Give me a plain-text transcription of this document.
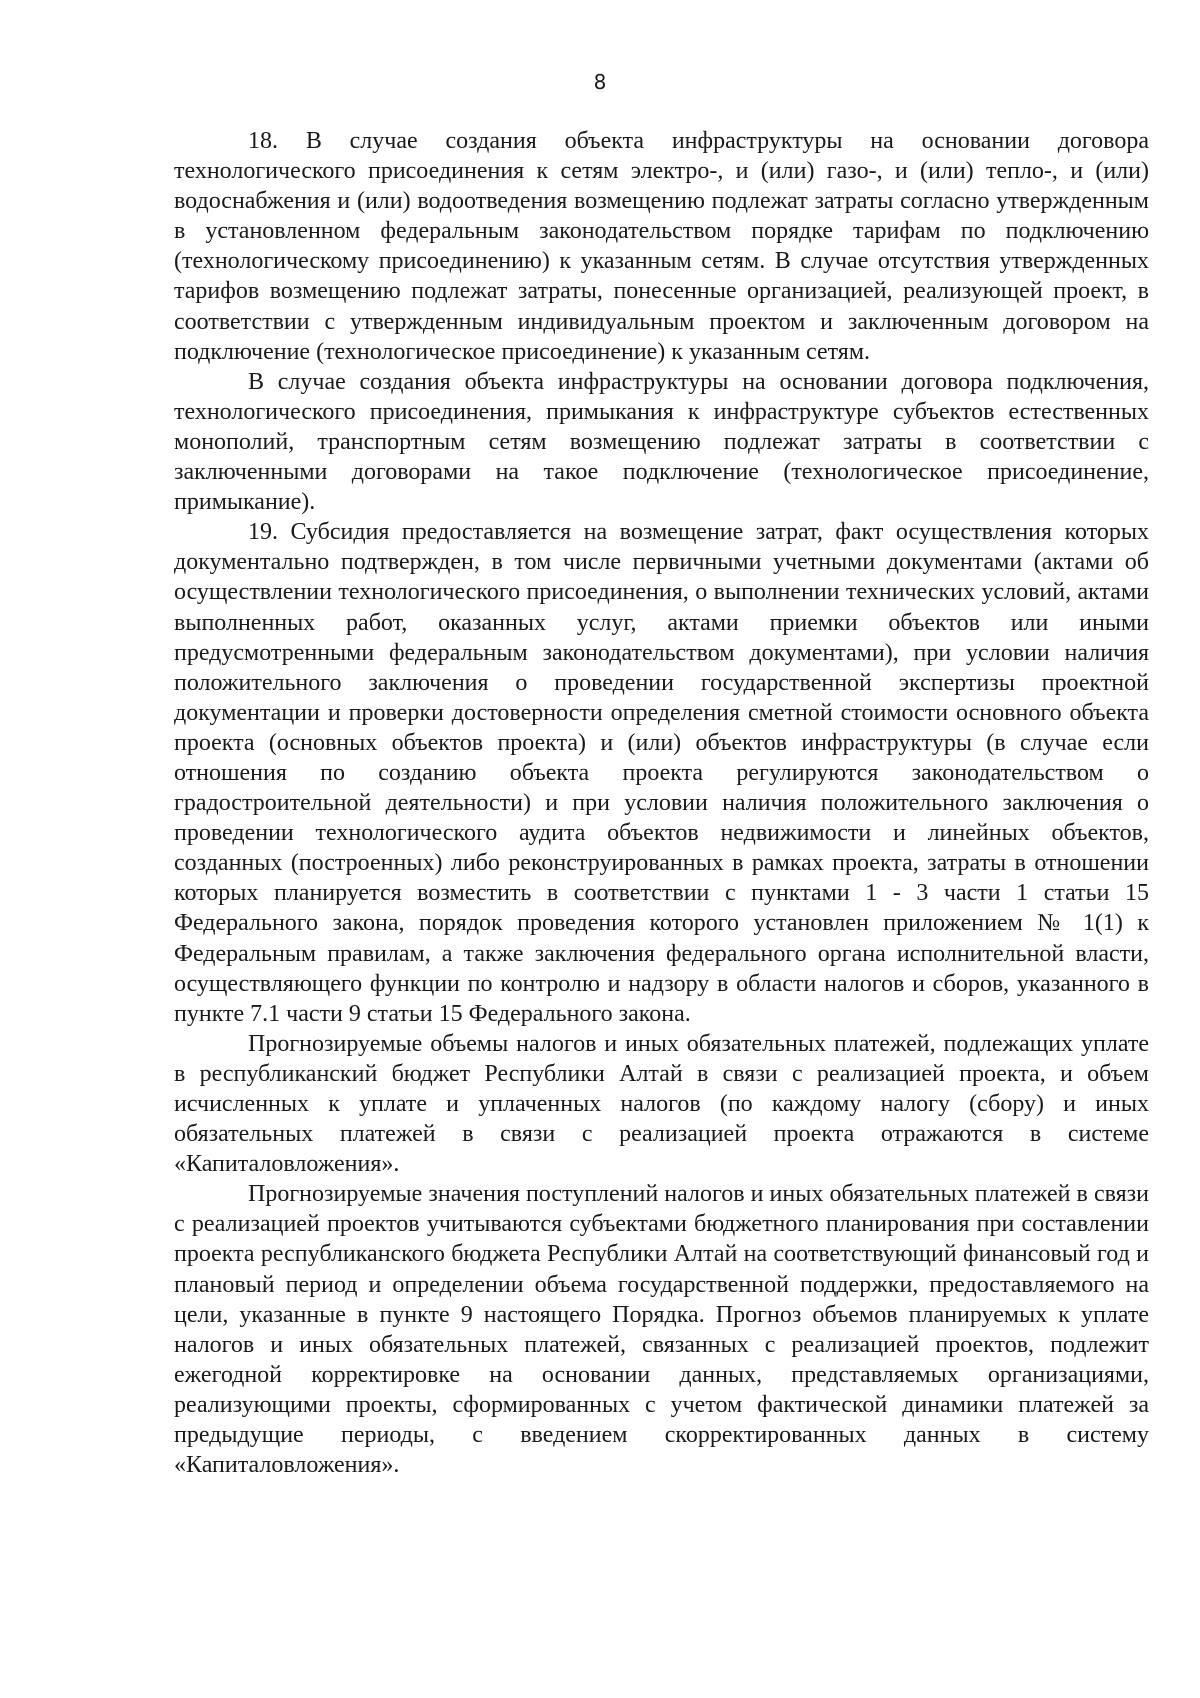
8

18. В случае создания объекта инфраструктуры на основании договора технологического присоединения к сетям электро-, и (или) газо-, и (или) тепло-, и (или) водоснабжения и (или) водоотведения возмещению подлежат затраты согласно утвержденным в установленном федеральным законодательством порядке тарифам по подключению (технологическому присоединению) к указанным сетям. В случае отсутствия утвержденных тарифов возмещению подлежат затраты, понесенные организацией, реализующей проект, в соответствии с утвержденным индивидуальным проектом и заключенным договором на подключение (технологическое присоединение) к указанным сетям.

В случае создания объекта инфраструктуры на основании договора подключения, технологического присоединения, примыкания к инфраструктуре субъектов естественных монополий, транспортным сетям возмещению подлежат затраты в соответствии с заключенными договорами на такое подключение (технологическое присоединение, примыкание).

19. Субсидия предоставляется на возмещение затрат, факт осуществления которых документально подтвержден, в том числе первичными учетными документами (актами об осуществлении технологического присоединения, о выполнении технических условий, актами выполненных работ, оказанных услуг, актами приемки объектов или иными предусмотренными федеральным законодательством документами), при условии наличия положительного заключения о проведении государственной экспертизы проектной документации и проверки достоверности определения сметной стоимости основного объекта проекта (основных объектов проекта) и (или) объектов инфраструктуры (в случае если отношения по созданию объекта проекта регулируются законодательством о градостроительной деятельности) и при условии наличия положительного заключения о проведении технологического аудита объектов недвижимости и линейных объектов, созданных (построенных) либо реконструированных в рамках проекта, затраты в отношении которых планируется возместить в соответствии с пунктами 1 - 3 части 1 статьи 15 Федерального закона, порядок проведения которого установлен приложением № 1(1) к Федеральным правилам, а также заключения федерального органа исполнительной власти, осуществляющего функции по контролю и надзору в области налогов и сборов, указанного в пункте 7.1 части 9 статьи 15 Федерального закона.

Прогнозируемые объемы налогов и иных обязательных платежей, подлежащих уплате в республиканский бюджет Республики Алтай в связи с реализацией проекта, и объем исчисленных к уплате и уплаченных налогов (по каждому налогу (сбору) и иных обязательных платежей в связи с реализацией проекта отражаются в системе «Капиталовложения».

Прогнозируемые значения поступлений налогов и иных обязательных платежей в связи с реализацией проектов учитываются субъектами бюджетного планирования при составлении проекта республиканского бюджета Республики Алтай на соответствующий финансовый год и плановый период и определении объема государственной поддержки, предоставляемого на цели, указанные в пункте 9 настоящего Порядка. Прогноз объемов планируемых к уплате налогов и иных обязательных платежей, связанных с реализацией проектов, подлежит ежегодной корректировке на основании данных, представляемых организациями, реализующими проекты, сформированных с учетом фактической динамики платежей за предыдущие периоды, с введением скорректированных данных в систему «Капиталовложения».
